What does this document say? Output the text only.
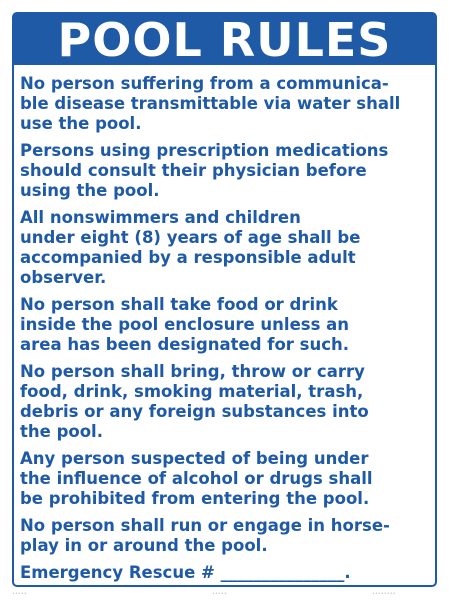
POOL RULES
No person suffering from a communica-
ble disease transmittable via water shall
use the pool.
Persons using prescription medications
should consult their physician before
using the pool.
All nonswimmers and children
under eight (8) years of age shall be
accompanied by a responsible adult
observer.
No person shall take food or drink
inside the pool enclosure unless an
area has been designated for such.
No person shall bring, throw or carry
food, drink, smoking material, trash,
debris or any foreign substances into
the pool.
Any person suspected of being under
the influence of alcohol or drugs shall
be prohibited from entering the pool.
No person shall run or engage in horse-
play in or around the pool.
Emergency Rescue # _______________.
•••••	•••••	••••••••
